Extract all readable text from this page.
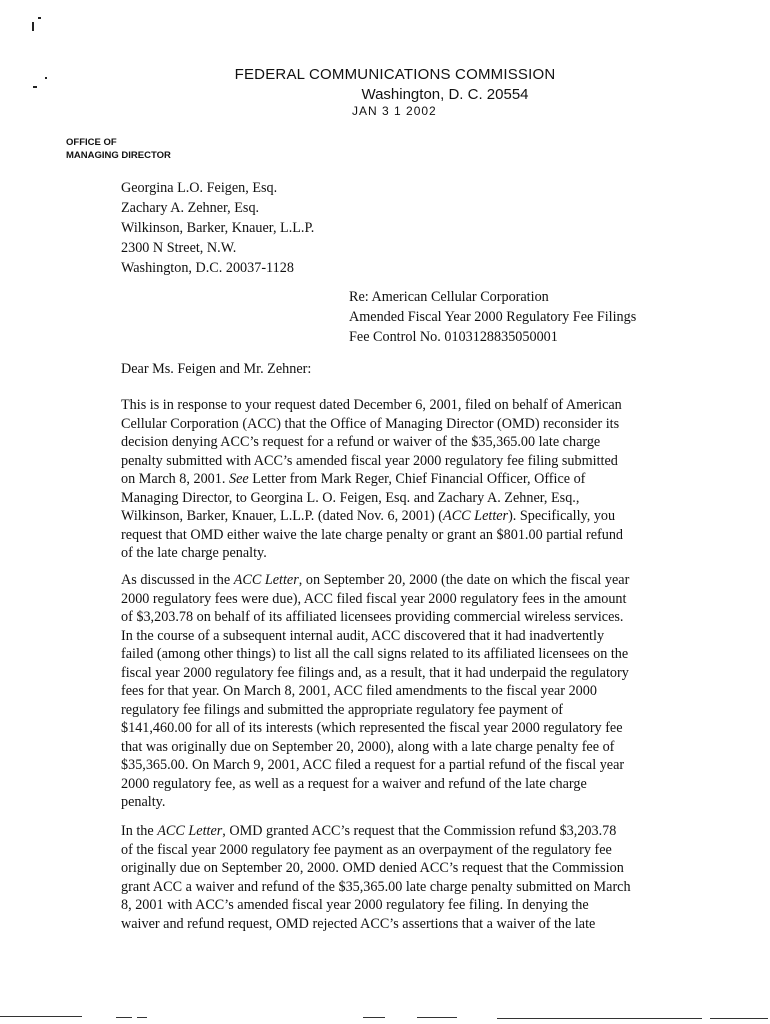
FEDERAL COMMUNICATIONS COMMISSION
Washington, D. C. 20554
JAN 3 1 2002
OFFICE OF
MANAGING DIRECTOR
Georgina L.O. Feigen, Esq.
Zachary A. Zehner, Esq.
Wilkinson, Barker, Knauer, L.L.P.
2300 N Street, N.W.
Washington, D.C. 20037-1128
Re: American Cellular Corporation
Amended Fiscal Year 2000 Regulatory Fee Filings
Fee Control No. 0103128835050001
Dear Ms. Feigen and Mr. Zehner:
This is in response to your request dated December 6, 2001, filed on behalf of American
Cellular Corporation (ACC) that the Office of Managing Director (OMD) reconsider its
decision denying ACC’s request for a refund or waiver of the $35,365.00 late charge
penalty submitted with ACC’s amended fiscal year 2000 regulatory fee filing submitted
on March 8, 2001. See Letter from Mark Reger, Chief Financial Officer, Office of
Managing Director, to Georgina L. O. Feigen, Esq. and Zachary A. Zehner, Esq.,
Wilkinson, Barker, Knauer, L.L.P. (dated Nov. 6, 2001) (ACC Letter). Specifically, you
request that OMD either waive the late charge penalty or grant an $801.00 partial refund
of the late charge penalty.
As discussed in the ACC Letter, on September 20, 2000 (the date on which the fiscal year
2000 regulatory fees were due), ACC filed fiscal year 2000 regulatory fees in the amount
of $3,203.78 on behalf of its affiliated licensees providing commercial wireless services.
In the course of a subsequent internal audit, ACC discovered that it had inadvertently
failed (among other things) to list all the call signs related to its affiliated licensees on the
fiscal year 2000 regulatory fee filings and, as a result, that it had underpaid the regulatory
fees for that year. On March 8, 2001, ACC filed amendments to the fiscal year 2000
regulatory fee filings and submitted the appropriate regulatory fee payment of
$141,460.00 for all of its interests (which represented the fiscal year 2000 regulatory fee
that was originally due on September 20, 2000), along with a late charge penalty fee of
$35,365.00. On March 9, 2001, ACC filed a request for a partial refund of the fiscal year
2000 regulatory fee, as well as a request for a waiver and refund of the late charge
penalty.
In the ACC Letter, OMD granted ACC’s request that the Commission refund $3,203.78
of the fiscal year 2000 regulatory fee payment as an overpayment of the regulatory fee
originally due on September 20, 2000. OMD denied ACC’s request that the Commission
grant ACC a waiver and refund of the $35,365.00 late charge penalty submitted on March
8, 2001 with ACC’s amended fiscal year 2000 regulatory fee filing. In denying the
waiver and refund request, OMD rejected ACC’s assertions that a waiver of the late
